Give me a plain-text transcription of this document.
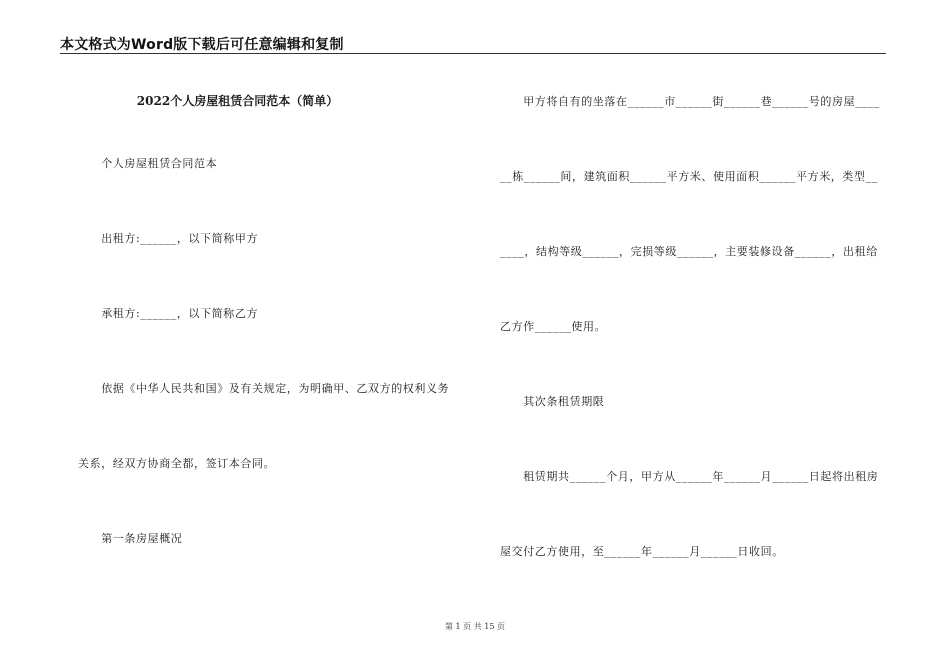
本文格式为Word版下载后可任意编辑和复制
2022个人房屋租赁合同范本（简单）
　　个人房屋租赁合同范本
　　出租方:______，以下简称甲方
　　承租方:______，以下简称乙方
　　依据《中华人民共和国》及有关规定，为明确甲、乙双方的权利义务
关系，经双方协商全都，签订本合同。
　　第一条房屋概况
　　甲方将自有的坐落在______市______街______巷______号的房屋____
__栋______间，建筑面积______平方米、使用面积______平方米，类型__
____，结构等级______，完损等级______，主要装修设备______，出租给
乙方作______使用。
　　其次条租赁期限
　　租赁期共______个月，甲方从______年______月______日起将出租房
屋交付乙方使用，至______年______月______日收回。
第 1 页 共 15 页
